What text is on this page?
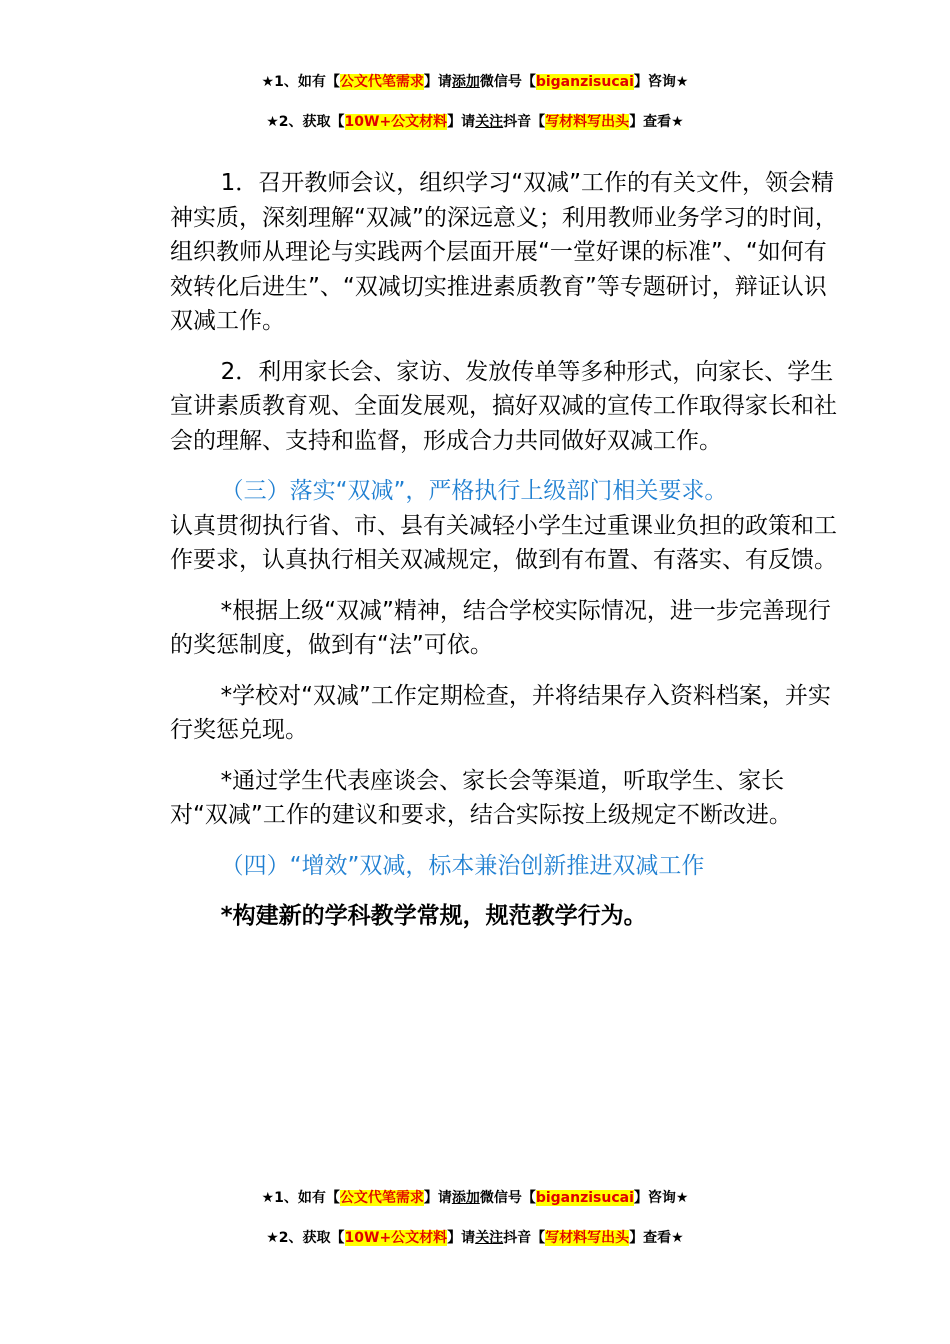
★1、如有【公文代笔需求】请添加微信号【biganzisucai】咨询★
★2、获取【10W+公文材料】请关注抖音【写材料写出头】查看★

1．召开教师会议，组织学习“双减”工作的有关文件，领会精神实质，深刻理解“双减”的深远意义；利用教师业务学习的时间，组织教师从理论与实践两个层面开展“一堂好课的标准”、“如何有效转化后进生”、“双减切实推进素质教育”等专题研讨，辩证认识双减工作。

2．利用家长会、家访、发放传单等多种形式，向家长、学生宣讲素质教育观、全面发展观，搞好双减的宣传工作取得家长和社会的理解、支持和监督，形成合力共同做好双减工作。

（三）落实“双减”，严格执行上级部门相关要求。

认真贯彻执行省、市、县有关减轻小学生过重课业负担的政策和工作要求，认真执行相关双减规定，做到有布置、有落实、有反馈。

*根据上级“双减”精神，结合学校实际情况，进一步完善现行的奖惩制度，做到有“法”可依。

*学校对“双减”工作定期检查，并将结果存入资料档案，并实行奖惩兑现。

*通过学生代表座谈会、家长会等渠道，听取学生、家长对“双减”工作的建议和要求，结合实际按上级规定不断改进。

（四）“增效”双减，标本兼治创新推进双减工作

*构建新的学科教学常规，规范教学行为。

★1、如有【公文代笔需求】请添加微信号【biganzisucai】咨询★
★2、获取【10W+公文材料】请关注抖音【写材料写出头】查看★
